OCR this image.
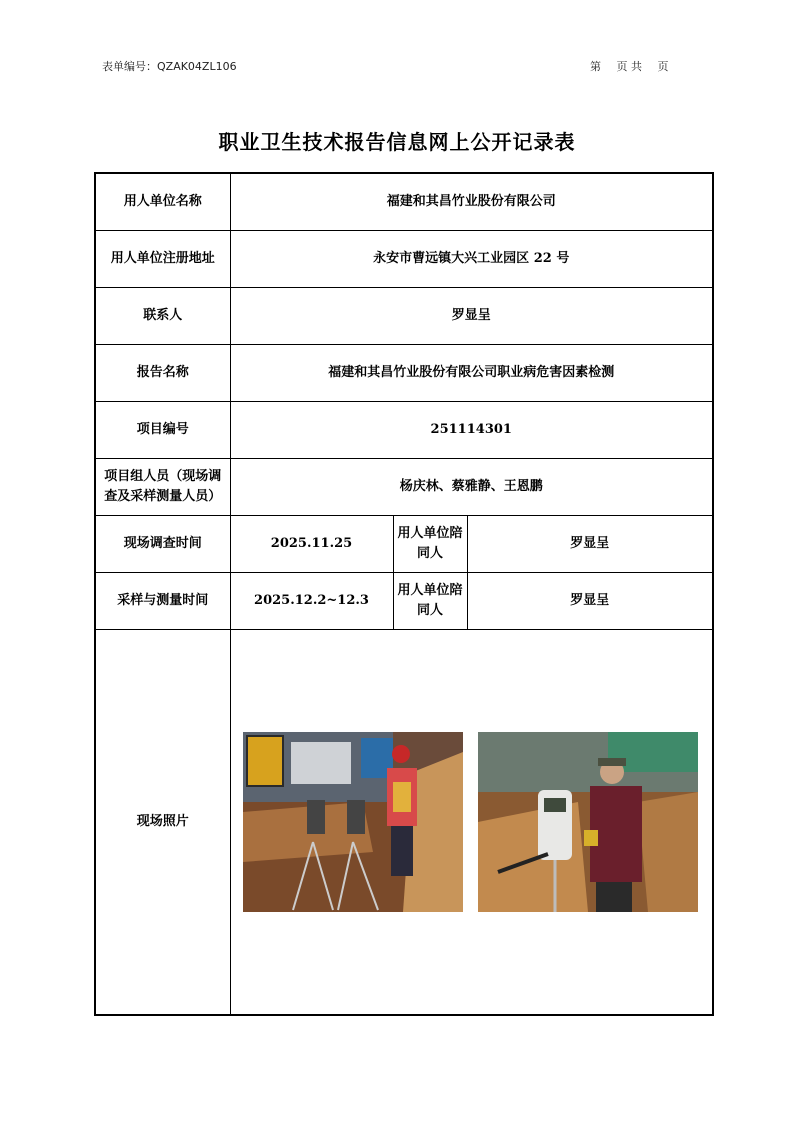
表单编号：QZAK04ZL106	第 页 共 页
职业卫生技术报告信息网上公开记录表
用人单位名称	福建和其昌竹业股份有限公司		
用人单位注册地址	永安市曹远镇大兴工业园区 22 号		
联系人	罗显呈		
报告名称	福建和其昌竹业股份有限公司职业病危害因素检测		
项目编号	251114301		
项目组人员（现场调查及采样测量人员）	杨庆林、蔡雅静、王恩鹏		
现场调查时间	2025.11.25	用人单位陪同人	罗显呈
采样与测量时间	2025.12.2~12.3	用人单位陪同人	罗显呈
现场照片	
